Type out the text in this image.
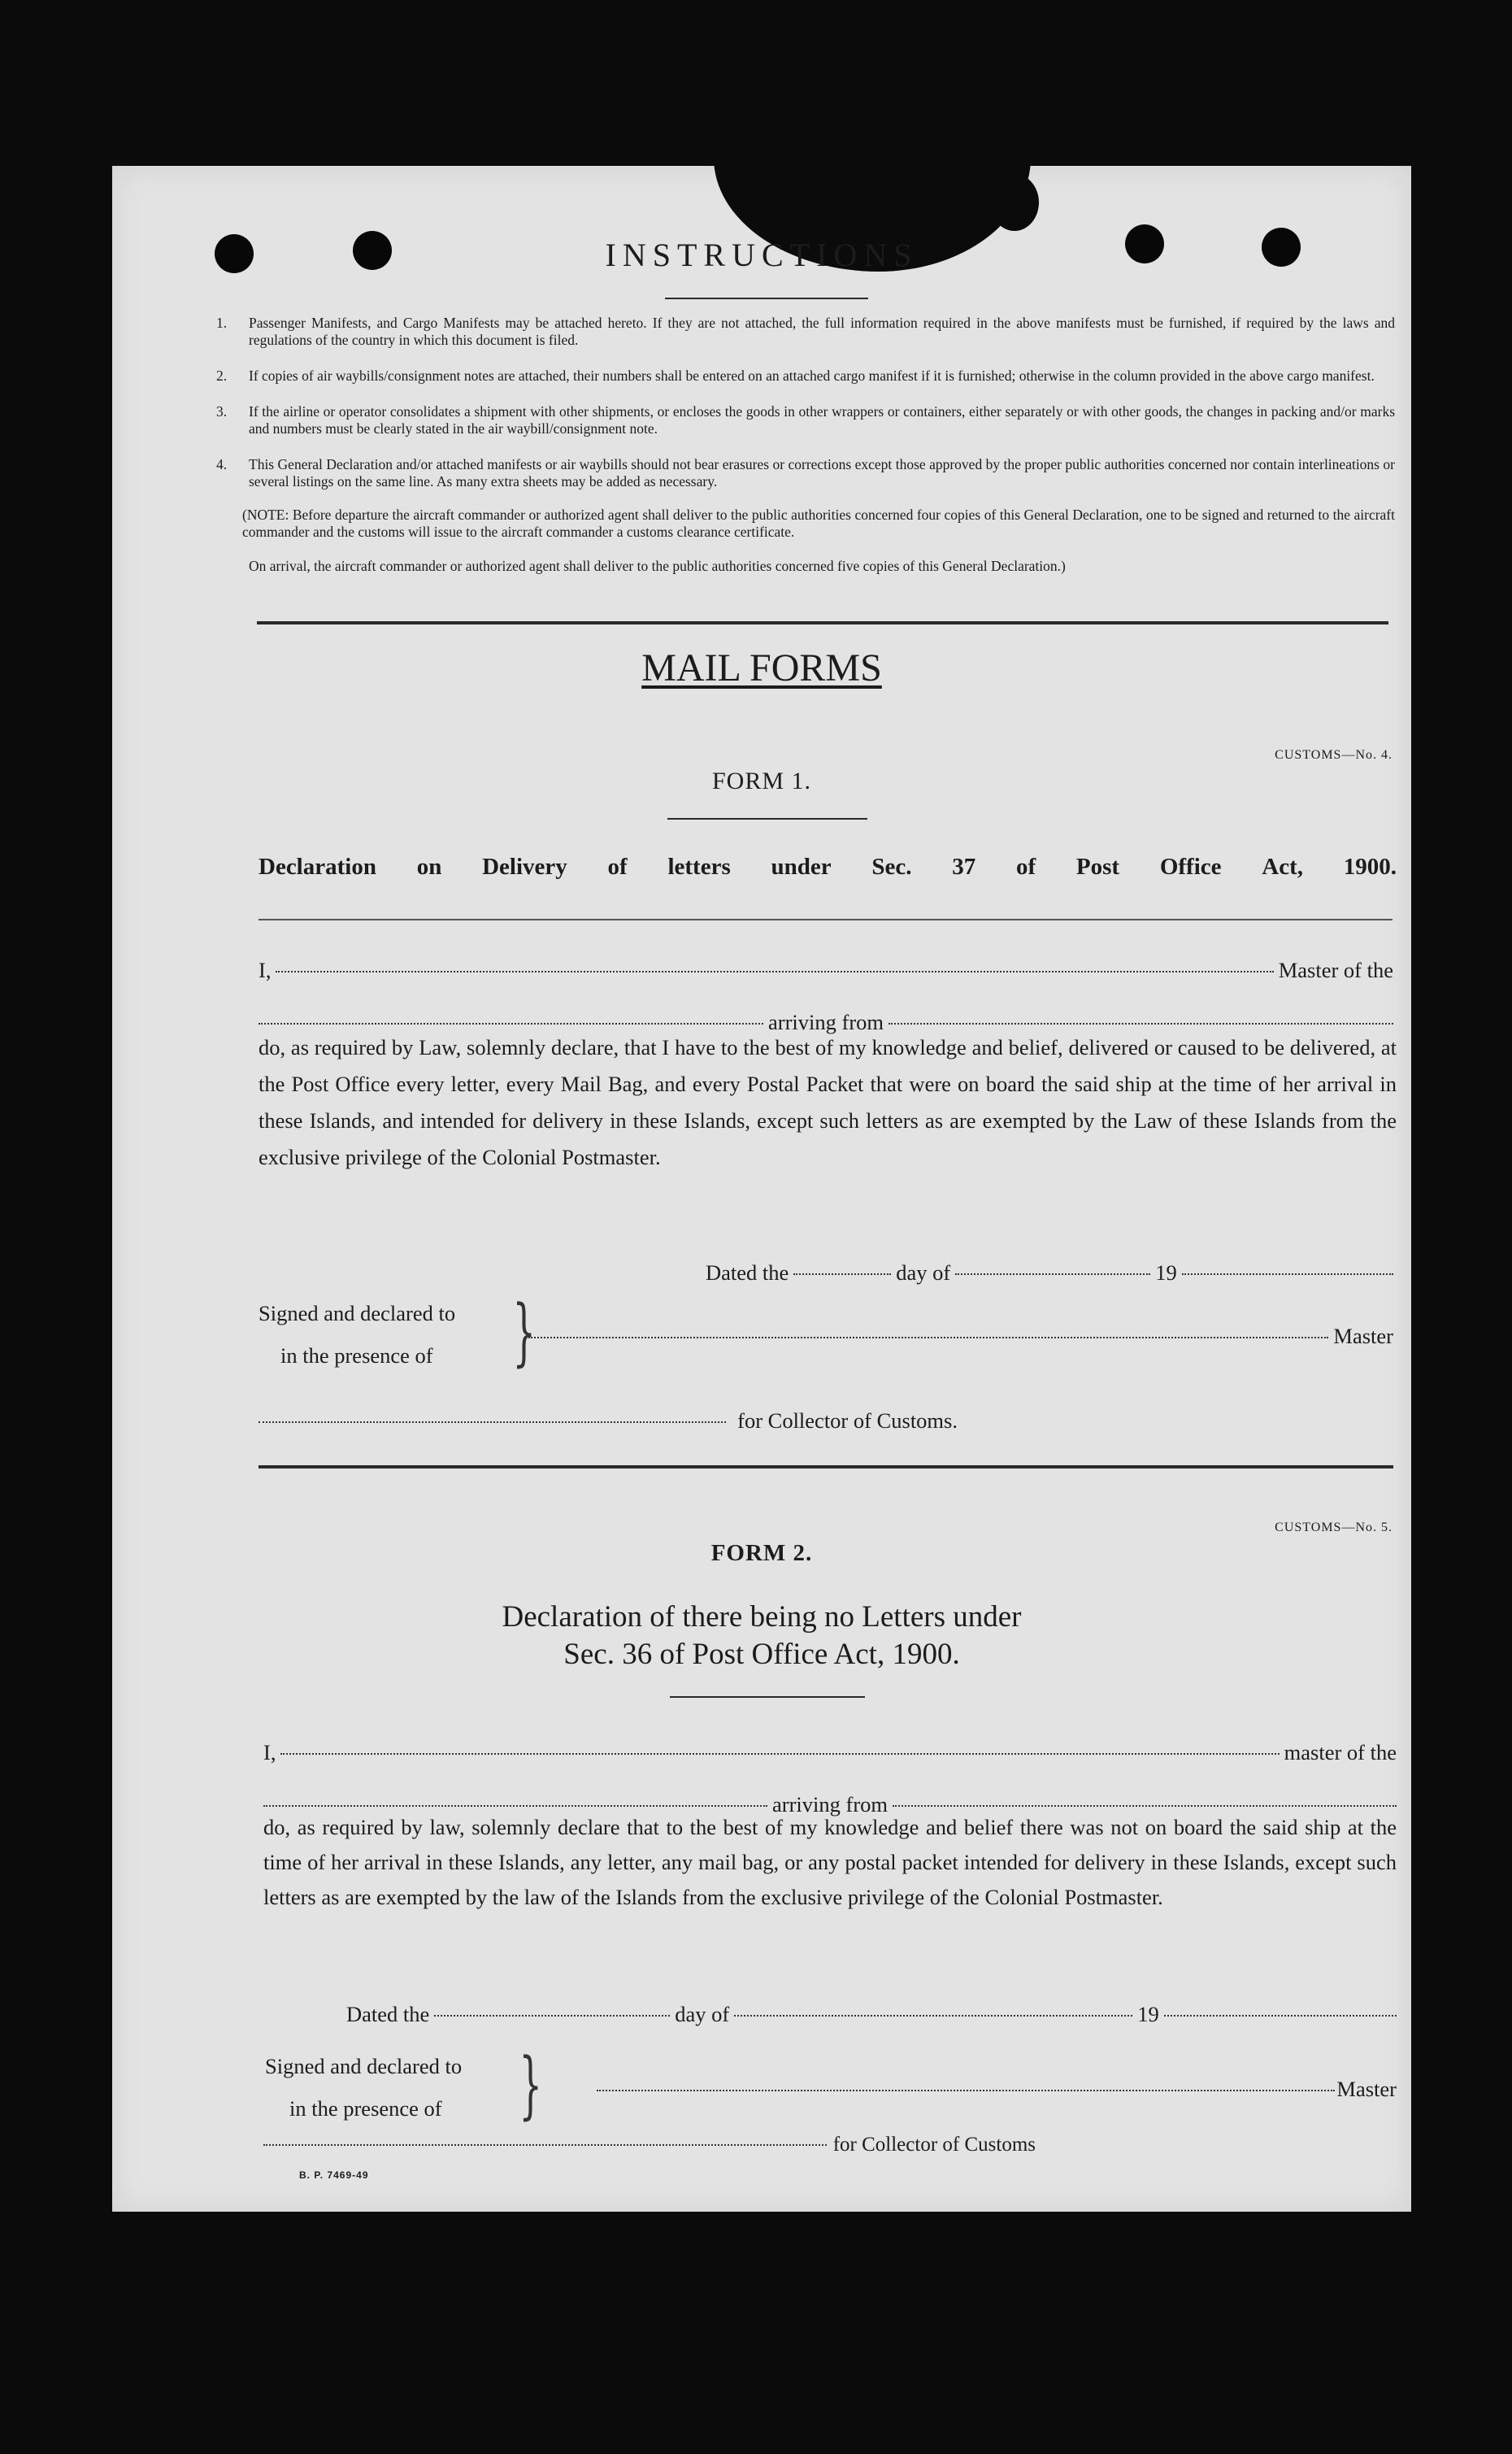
INSTRUCTIONS
1. Passenger Manifests, and Cargo Manifests may be attached hereto. If they are not attached, the full information required in the above manifests must be furnished, if required by the laws and regulations of the country in which this document is filed.
2. If copies of air waybills/consignment notes are attached, their numbers shall be entered on an attached cargo manifest if it is furnished; otherwise in the column provided in the above cargo manifest.
3. If the airline or operator consolidates a shipment with other shipments, or encloses the goods in other wrappers or containers, either separately or with other goods, the changes in packing and/or marks and numbers must be clearly stated in the air waybill/consignment note.
4. This General Declaration and/or attached manifests or air waybills should not bear erasures or corrections except those approved by the proper public authorities concerned nor contain interlineations or several listings on the same line. As many extra sheets may be added as necessary.
(NOTE: Before departure the aircraft commander or authorized agent shall deliver to the public authorities concerned four copies of this General Declaration, one to be signed and returned to the aircraft commander and the customs will issue to the aircraft commander a customs clearance certificate.
On arrival, the aircraft commander or authorized agent shall deliver to the public authorities concerned five copies of this General Declaration.)
MAIL FORMS
CUSTOMS—No. 4.
FORM 1.
Declaration on Delivery of letters under Sec. 37 of Post Office Act, 1900.
I,	Master of the
arriving from
do, as required by Law, solemnly declare, that I have to the best of my knowledge and belief, delivered or caused to be delivered, at the Post Office every letter, every Mail Bag, and every Postal Packet that were on board the said ship at the time of her arrival in these Islands, and intended for delivery in these Islands, except such letters as are exempted by the Law of these Islands from the exclusive privilege of the Colonial Postmaster.
Dated the	day of	19
Signed and declared to
in the presence of }	Master
for Collector of Customs.
CUSTOMS—No. 5.
FORM 2.
Declaration of there being no Letters under
Sec. 36 of Post Office Act, 1900.
I,	master of the
arriving from
do, as required by law, solemnly declare that to the best of my knowledge and belief there was not on board the said ship at the time of her arrival in these Islands, any letter, any mail bag, or any postal packet intended for delivery in these Islands, except such letters as are exempted by the law of the Islands from the exclusive privilege of the Colonial Postmaster.
Dated the	day of	19
Signed and declared to
in the presence of }	Master
for Collector of Customs
B. P. 7469-49
